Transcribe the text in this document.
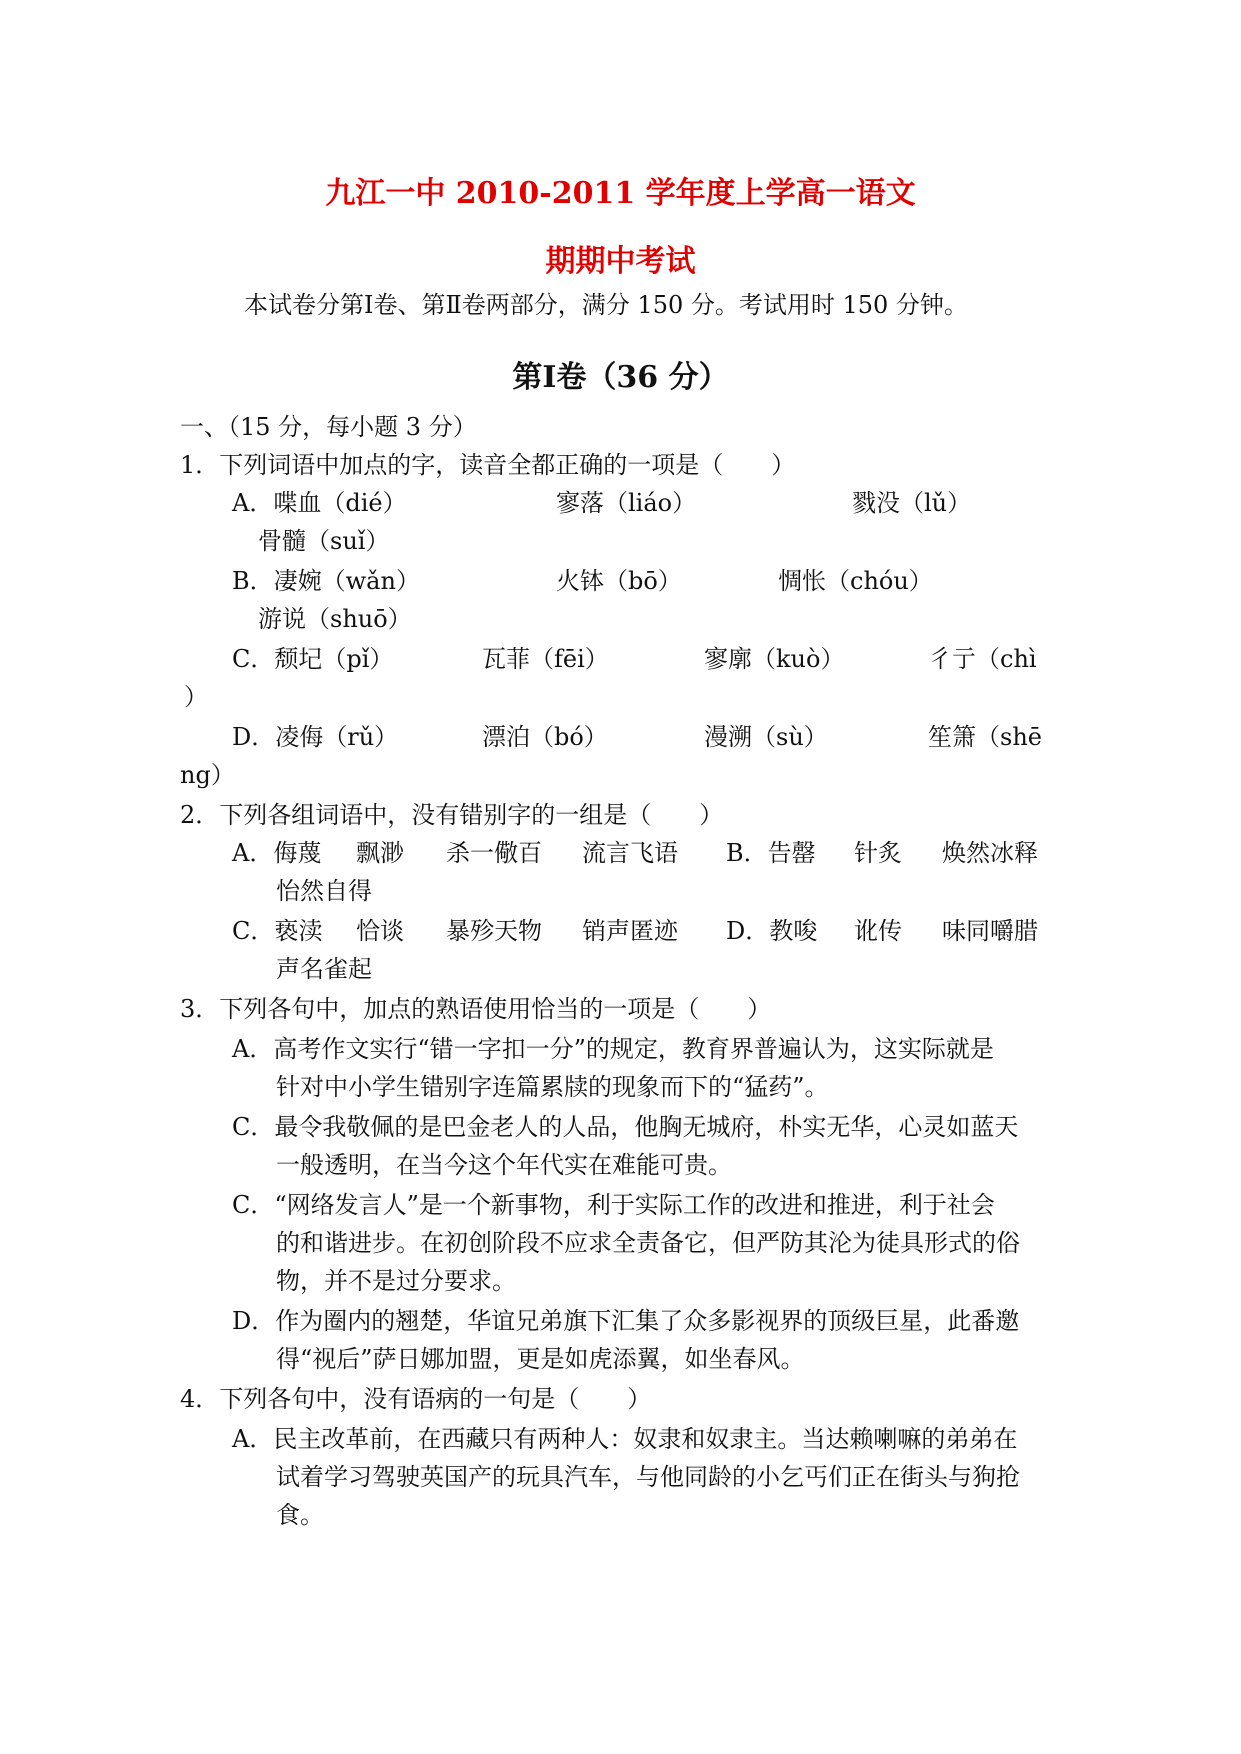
九江一中 2010-2011 学年度上学高一语文
期期中考试
本试卷分第Ⅰ卷、第Ⅱ卷两部分，满分 150 分。考试用时 150 分钟。
第Ⅰ卷（36 分）
一、（15 分，每小题 3 分）
1．下列词语中加点的字，读音全都正确的一项是（　　）
A．喋血（dié）	寥落（liáo）	戮没（lǔ）
骨髓（suǐ）
B．凄婉（wǎn）	火钵（bō）	惆怅（chóu）
游说（shuō）
C．颓圮（pǐ）	瓦菲（fēi）	寥廓（kuò）	彳亍（chì
）
D．凌侮（rǔ）	漂泊（bó）	漫溯（sù）	笙箫（shē
ng）
2．下列各组词语中，没有错别字的一组是（　　）
A．侮蔑 飘渺 杀一儆百 流言飞语 B．告罄 针炙 焕然冰释
怡然自得
C．亵渎 恰谈 暴殄天物 销声匿迹 D．教唆 讹传 味同嚼腊
声名雀起
3．下列各句中，加点的熟语使用恰当的一项是（　　）
A．高考作文实行“错一字扣一分”的规定，教育界普遍认为，这实际就是
针对中小学生错别字连篇累牍的现象而下的“猛药”。
C．最令我敬佩的是巴金老人的人品，他胸无城府，朴实无华，心灵如蓝天
一般透明，在当今这个年代实在难能可贵。
C．“网络发言人”是一个新事物，利于实际工作的改进和推进，利于社会
的和谐进步。在初创阶段不应求全责备它，但严防其沦为徒具形式的俗
物，并不是过分要求。
D．作为圈内的翘楚，华谊兄弟旗下汇集了众多影视界的顶级巨星，此番邀
得“视后”萨日娜加盟，更是如虎添翼，如坐春风。
4．下列各句中，没有语病的一句是（　　）
A．民主改革前，在西藏只有两种人：奴隶和奴隶主。当达赖喇嘛的弟弟在
试着学习驾驶英国产的玩具汽车，与他同龄的小乞丐们正在街头与狗抢
食。
